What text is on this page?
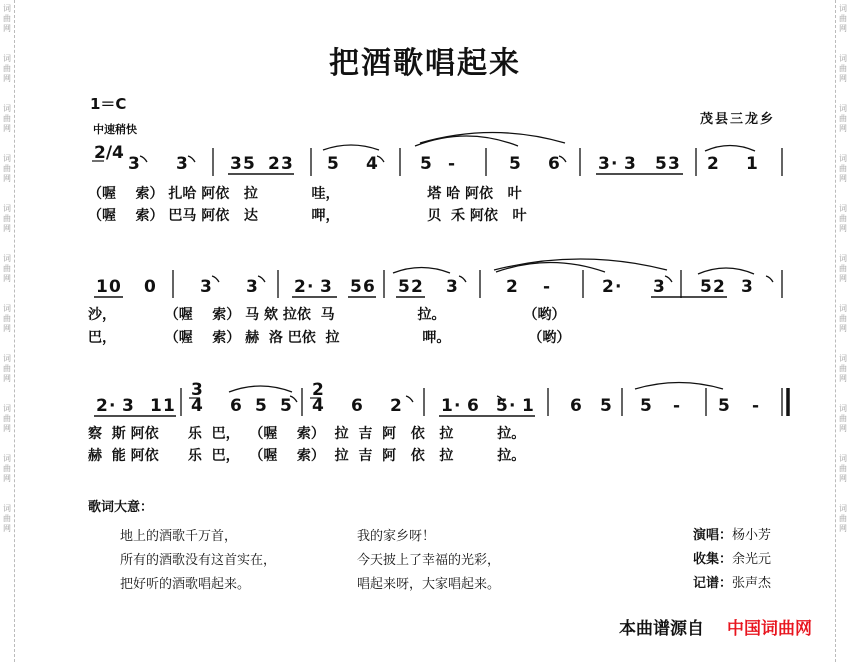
词
曲
网

词
曲
网

词
曲
网

词
曲
网

词
曲
网

词
曲
网

词
曲
网

词
曲
网

词
曲
网

词
曲
网

词
曲
网

词
曲
网

词
曲
网

词
曲
网

词
曲
网

词
曲
网

词
曲
网

词
曲
网

词
曲
网

词
曲
网

词
曲
网

词
曲
网

把酒歌唱起来
1＝C
中速稍快
茂县三龙乡
2/4
3
4
2
4
3 3 3 5 2 3 5 4 5 -	5 6 3 · 3 5 3 2 1
1 0 0	3 3 2 · 3 5 6 5 2 3	2 -	2 · 3 5 2 3
2 · 3 1 1	6 5 5	6 2 1 · 6 5 · 1 6 5 5 - 5 -
（喔    索） 扎哈 阿依   拉           哇，                  塔 哈 阿依   叶
（喔    索） 巴马 阿依   达           呷，                  贝  禾 阿依   叶
沙，          （喔    索） 马 欸 拉依  马                 拉。                （哟）
巴，          （喔    索） 赫  洛 巴依  拉                 呷。                （哟）
察  斯 阿依      乐  巴，  （喔    索）  拉  吉  阿   依   拉         拉。
赫  能 阿依      乐  巴，  （喔    索）  拉  吉  阿   依   拉         拉。
歌词大意：
地上的酒歌千万首，
所有的酒歌没有这首实在，
把好听的酒歌唱起来。
我的家乡呀！
今天披上了幸福的光彩，
唱起来呀，大家唱起来。
演唱：杨小芳
收集：余光元
记谱：张声杰
本曲谱源自 中国词曲网
